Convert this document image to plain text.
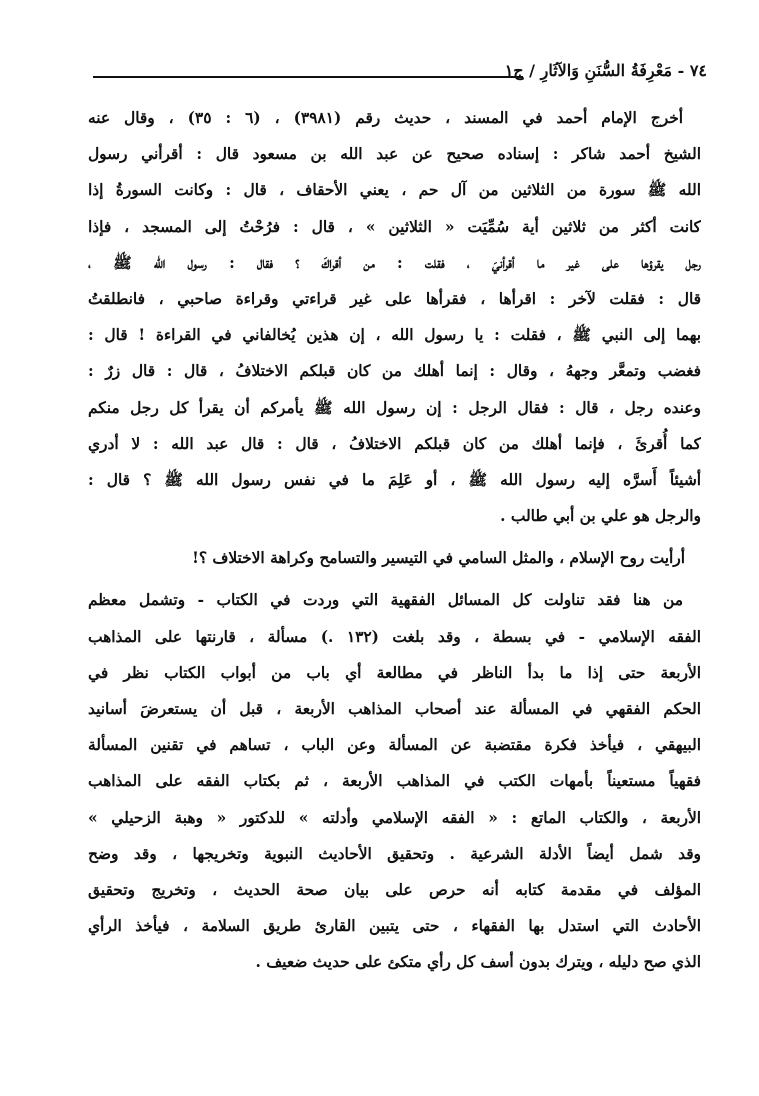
٧٤ - مَعْرِفَةُ السُّنَنِ وَالآثَارِ / ج١
أخرج الإمام أحمد في المسند ، حديث رقم (٣٩٨١) ، (٦ : ٣٥) ، وقال عنه
الشيخ أحمد شاكر : إسناده صحيح عن عبد الله بن مسعود قال : أقرأني رسول
الله ﷺ سورة من الثلاثين من آل حم ، يعني الأحقاف ، قال : وكانت السورةُ إذا
كانت أكثر من ثلاثين أية سُمِّيَت « الثلاثين » ، قال : فرُحْتُ إلى المسجد ، فإذا
رجل يقرؤها على غير ما أقرأنيَ ، فقلت : من أقراكَ ؟ فقال : رسول الله ﷺ ،
قال : فقلت لآخر : اقرأها ، فقرأها على غير قراءتي وقراءة صاحبي ، فانطلقتُ
بهما إلى النبي ﷺ ، فقلت : يا رسول الله ، إن هذين يُخالفاني في القراءة ! قال :
فغضب وتمعَّر وجههُ ، وقال : إنما أهلك من كان قبلكم الاختلافُ ، قال : قال زرٌ :
وعنده رجل ، قال : فقال الرجل : إن رسول الله ﷺ يأمركم أن يقرأ كل رجل منكم
كما أُقرئَ ، فإنما أهلك من كان قبلكم الاختلافُ ، قال : قال عبد الله : لا أدري
أشيئاً أَسرَّه إليه رسول الله ﷺ ، أو عَلِمَ ما في نفس رسول الله ﷺ ؟ قال :
والرجل هو علي بن أبي طالب .
أرأيت روح الإسلام ، والمثل السامي في التيسير والتسامح وكراهة الاختلاف ؟!
من هنا فقد تناولت كل المسائل الفقهية التي وردت في الكتاب - وتشمل معظم
الفقه الإسلامي - في بسطة ، وقد بلغت (١٣٢ .) مسألة ، قارنتها على المذاهب
الأربعة حتى إذا ما بدأ الناظر في مطالعة أي باب من أبواب الكتاب نظر في
الحكم الفقهي في المسألة عند أصحاب المذاهب الأربعة ، قبل أن يستعرضَ أسانيد
البيهقي ، فيأخذ فكرة مقتضبة عن المسألة وعن الباب ، تساهم في تقنين المسألة
فقهياً مستعيناً بأمهات الكتب في المذاهب الأربعة ، ثم بكتاب الفقه على المذاهب
الأربعة ، والكتاب الماتع : « الفقه الإسلامي وأدلته » للدكتور « وهبة الزحيلي »
وقد شمل أيضاً الأدلة الشرعية . وتحقيق الأحاديث النبوية وتخريجها ، وقد وضح
المؤلف في مقدمة كتابه أنه حرص على بيان صحة الحديث ، وتخريج وتحقيق
الأحادث التي استدل بها الفقهاء ، حتى يتبين القارئ طريق السلامة ، فيأخذ الرأي
الذي صح دليله ، ويترك بدون أسف كل رأي متكئ على حديث ضعيف .
